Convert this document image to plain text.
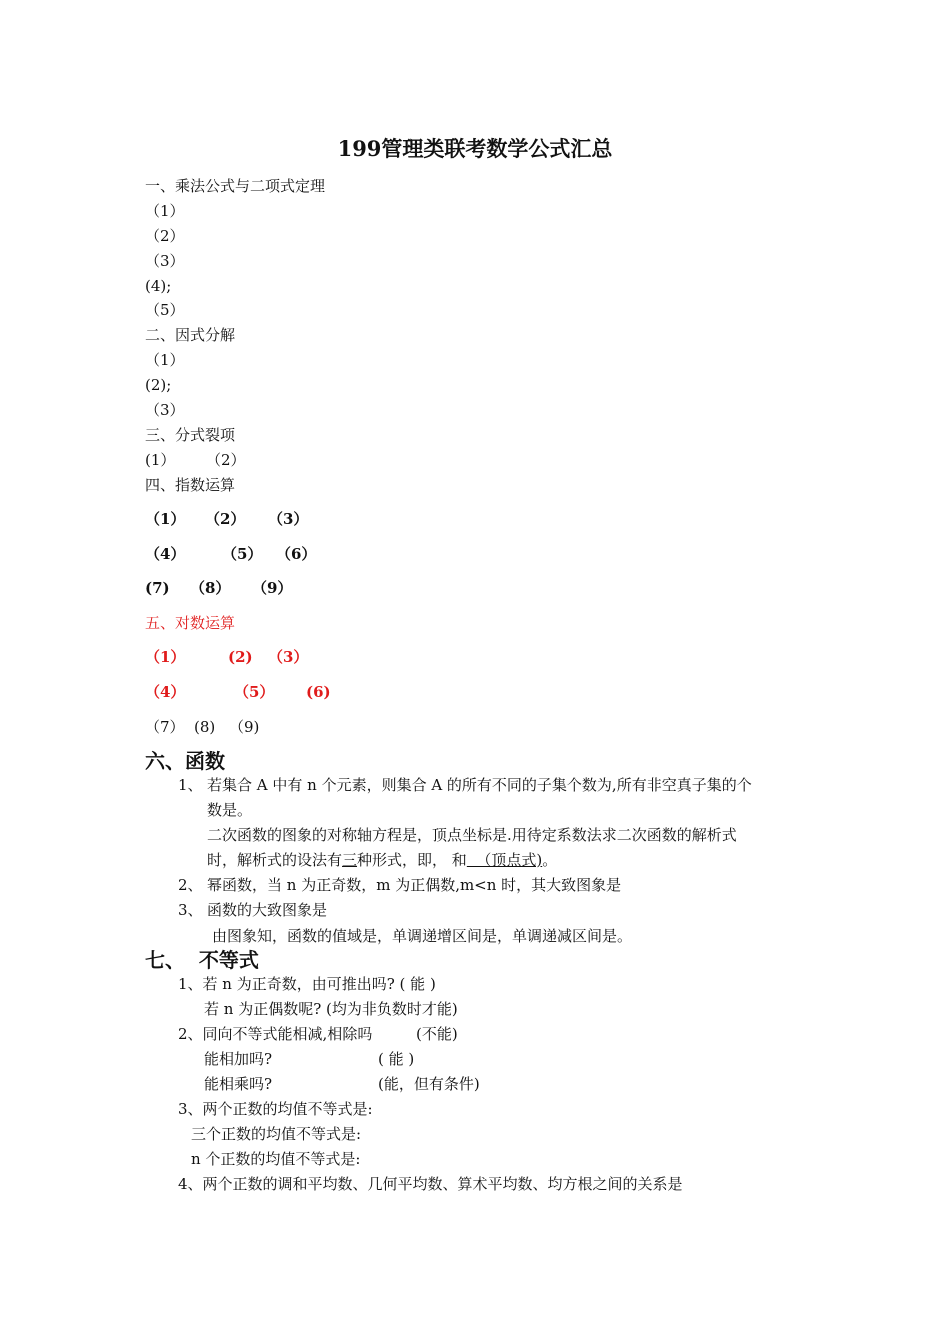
199管理类联考数学公式汇总
一、乘法公式与二项式定理
（1）
（2）
（3）
(4);
（5）
二、因式分解
（1）
(2);
（3）
三、分式裂项
(1） （2）
四、指数运算
（1） （2） （3）
（4） （5） （6）
(7) （8） （9）
五、对数运算
（1）	(2) （3）
（4）	（5） (6)
（7） (8) （9)
六、函数
1、 若集合 A 中有 n 个元素，则集合 A 的所有不同的子集个数为,所有非空真子集的个
数是。
二次函数的图象的对称轴方程是，顶点坐标是.用待定系数法求二次函数的解析式
时，解析式的设法有三种形式，即， 和  （顶点式)。
2、 幂函数，当 n 为正奇数，m 为正偶数,m<n 时，其大致图象是
3、 函数的大致图象是
由图象知，函数的值域是，单调递增区间是，单调递减区间是。
七、  不等式
1、若 n 为正奇数，由可推出吗? ( 能 )
若 n 为正偶数呢? (均为非负数时才能)
2、同向不等式能相减,相除吗	(不能)
能相加吗?	( 能 )
能相乘吗?	(能，但有条件)
3、两个正数的均值不等式是:
三个正数的均值不等式是:
n 个正数的均值不等式是:
4、两个正数的调和平均数、几何平均数、算术平均数、均方根之间的关系是
